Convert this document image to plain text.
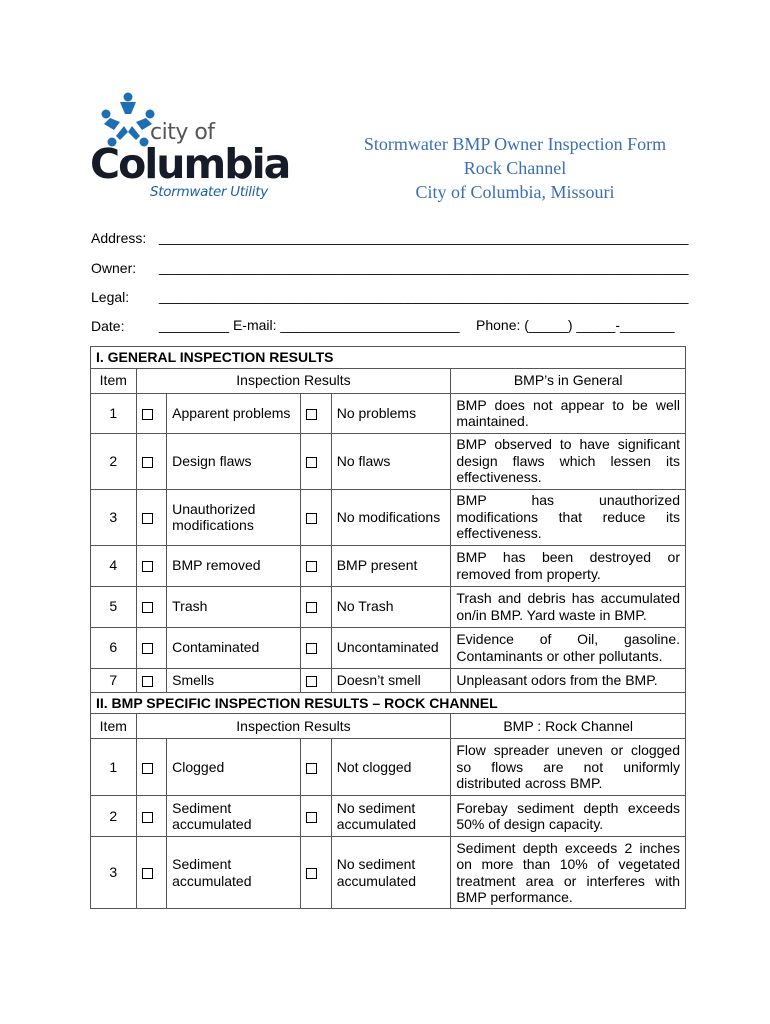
city of
Columbia
Stormwater Utility
Stormwater BMP Owner Inspection Form
Rock Channel
City of Columbia, Missouri
Address: ____________________________________________________________________
Owner: ____________________________________________________________________
Legal: ____________________________________________________________________
Date: _________ E-mail: _______________________ Phone: (_____) _____-_______
I. GENERAL INSPECTION RESULTS					
Item	Inspection Results				BMP’s in General
1		Apparent problems		No problems	BMP does not appear to be well maintained.
2		Design flaws		No flaws	BMP observed to have significant design flaws which lessen its effectiveness.
3		Unauthorized modifications		No modifications	BMP has unauthorized modifications that reduce its effectiveness.
4		BMP removed		BMP present	BMP has been destroyed or removed from property.
5		Trash		No Trash	Trash and debris has accumulated on/in BMP. Yard waste in BMP.
6		Contaminated		Uncontaminated	Evidence of Oil, gasoline. Contaminants or other pollutants.
7		Smells		Doesn’t smell	Unpleasant odors from the BMP.
II. BMP SPECIFIC INSPECTION RESULTS – ROCK CHANNEL					
Item	Inspection Results				BMP : Rock Channel
1		Clogged		Not clogged	Flow spreader uneven or clogged so flows are not uniformly distributed across BMP.
2		Sediment accumulated		No sediment accumulated	Forebay sediment depth exceeds 50% of design capacity.
3		Sediment accumulated		No sediment accumulated	Sediment depth exceeds 2 inches on more than 10% of vegetated treatment area or interferes with BMP performance.
